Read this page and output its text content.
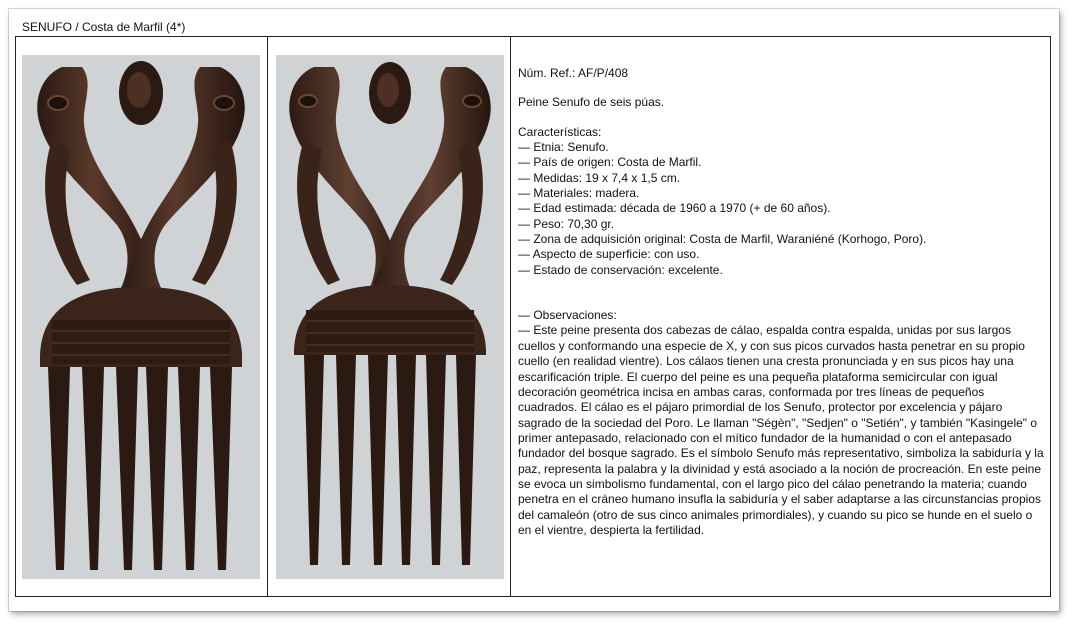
SENUFO / Costa de Marfil (4*)

Núm. Ref.: AF/P/408

Peine Senufo de seis púas.

Características:

— Etnia: Senufo.

— País de origen: Costa de Marfil.

— Medidas: 19 x 7,4 x 1,5 cm.

— Materiales: madera.

— Edad estimada: década de 1960 a 1970 (+ de 60 años).

— Peso: 70,30 gr.

— Zona de adquisición original: Costa de Marfil, Waraniéné (Korhogo, Poro).

— Aspecto de superficie: con uso.

— Estado de conservación: excelente.

— Observaciones:

— Este peine presenta dos cabezas de cálao, espalda contra espalda, unidas por sus largos cuellos y conformando una especie de X, y con sus picos curvados hasta penetrar en su propio cuello (en realidad vientre). Los cálaos tienen una cresta pronunciada y en sus picos hay una escarificación triple. El cuerpo del peine es una pequeña plataforma semicircular con igual decoración geométrica incisa en ambas caras, conformada por tres líneas de pequeños cuadrados. El cálao es el pájaro primordial de los Senufo, protector por excelencia y pájaro sagrado de la sociedad del Poro. Le llaman "Ségèn", "Sedjen" o "Setién", y también "Kasingele" o primer antepasado, relacionado con el mítico fundador de la humanidad o con el antepasado fundador del bosque sagrado. Es el símbolo Senufo más representativo, simboliza la sabiduría y la paz, representa la palabra y la divinidad y está asociado a la noción de procreación. En este peine se evoca un simbolismo fundamental, con el largo pico del cálao penetrando la materia; cuando penetra en el cráneo humano insufla la sabiduría y el saber adaptarse a las circunstancias propios del camaleón (otro de sus cinco animales primordiales), y cuando su pico se hunde en el suelo o en el vientre, despierta la fertilidad.
